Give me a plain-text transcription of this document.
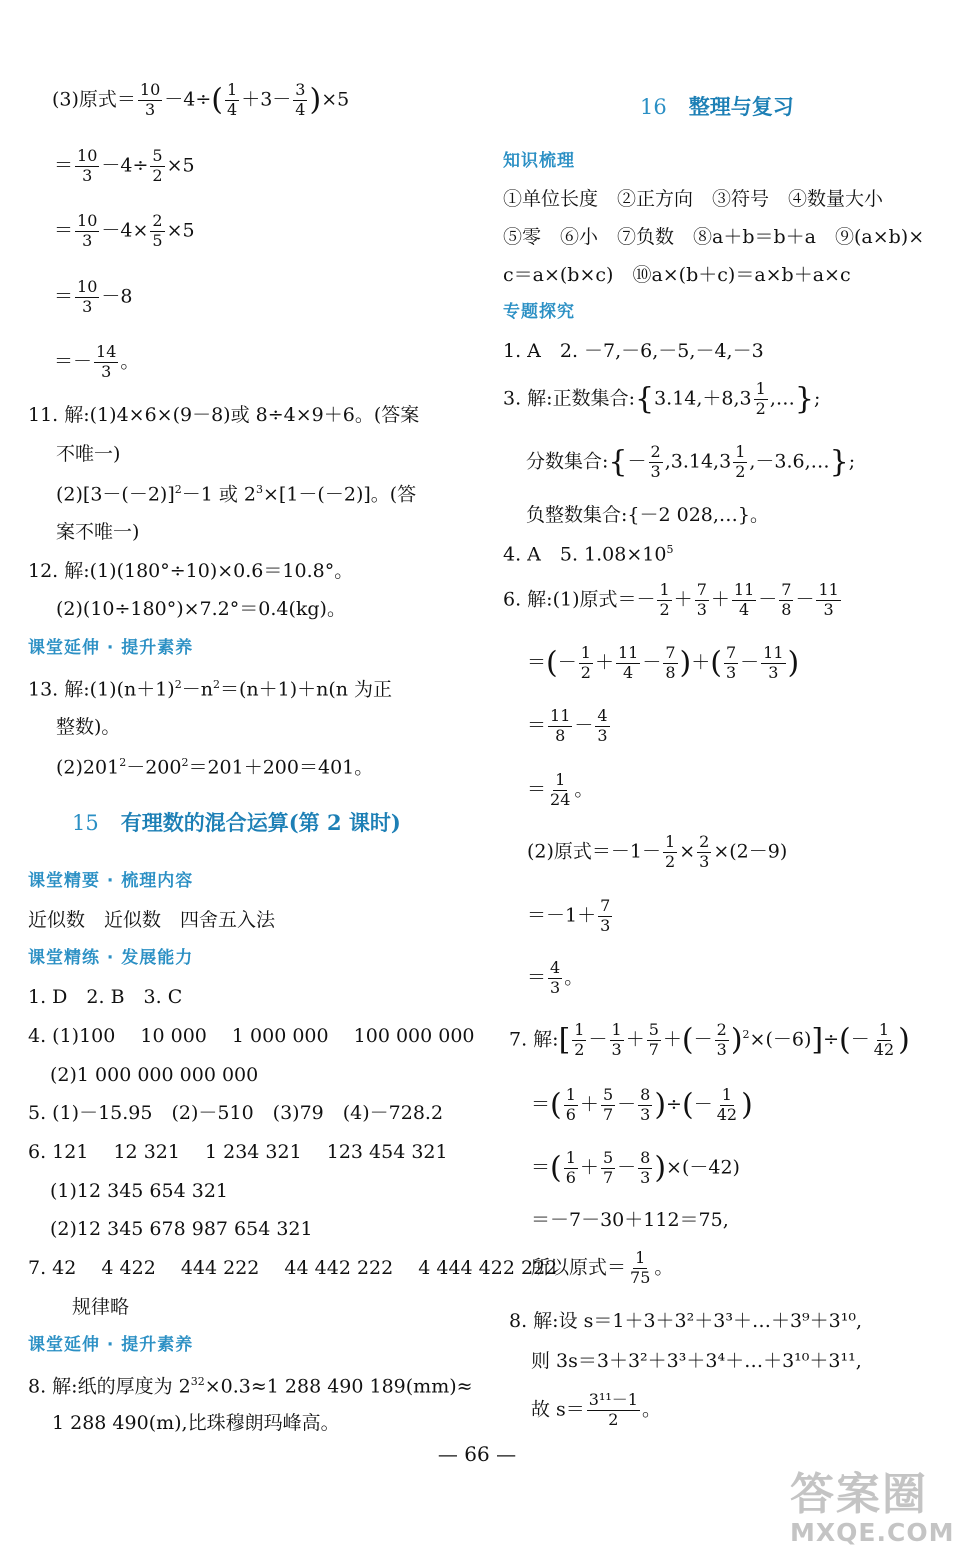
(3)原式＝ $\frac{10}{3} -4\div( \frac{1}{4} +3- \frac{3}{4} )\times 5$
＝ $\frac{10}{3} -4\div \frac{5}{2} \times 5$
＝ $\frac{10}{3} -4\times \frac{2}{5} \times 5$
＝ $\frac{10}{3} -8$
＝－ $\frac{14}{3}$ 。
11. 解:(1)4×6×(9－8)或 8÷4×9＋6。(答案
不唯一)
$(2)[3-(-2)]^2-1$ 或 $2^3\times[1-(-2)]$。(答
案不唯一)
12. 解:(1)(180°÷10)×0.6＝10.8°。
(2)(10÷180°)×7.2°＝0.4(kg)。
课堂延伸 · 提升素养
13. 解$:(1)(n+1)^2-n^2=(n+1)+n(n$ 为正
整数)。
$(2)201^2-200^2=201+200=401$。
15 有理数的混合运算(第 2 课时)
课堂精要 · 梳理内容
近似数　近似数　四舍五入法
课堂精练 · 发展能力
1. D　2. B　3. C
4. (1)100　 10 000　 1 000 000　 100 000 000
(2)1 000 000 000 000
5. (1)－15.95　(2)－510　(3)79　(4)－728.2
6. 121　 12 321　 1 234 321　 123 454 321
(1)12 345 654 321
(2)12 345 678 987 654 321
7. 42　 4 422　 444 222　 44 442 222　 4 444 422 222
规律略
课堂延伸 · 提升素养
8. 解:纸的厚度为 $2^{32}\times 0.3\approx 1$ 288 490 189(mm)≈
1 288 490(m),比珠穆朗玛峰高。
16 整理与复习
知识梳理
①单位长度　②正方向　③符号　④数量大小
⑤零　⑥小　⑦负数　⑧a＋b＝b＋a　⑨(a×b)×
c＝a×(b×c)　⑩a×(b＋c)＝a×b＋a×c
专题探究
1. A　2. －7,－6,－5,－4,－3
3. 解:正数集合:{3.14,＋8,3 $\frac{1}{2}$ ,…};
分数集合:{－ $\frac{2}{3} ,3.14,3 \frac{1}{2}$ ,－3.6,…};
负整数集合:{－2 028,…}。
4. A　5. $1.08\times 10^5$
6. 解:(1)原式＝－ $\frac{1}{2} + \frac{7}{3} + \frac{11}{4} - \frac{7}{8} - \frac{11}{3}$
＝(－ $\frac{1}{2} + \frac{11}{4} - \frac{7}{8}$ )＋( $\frac{7}{3} - \frac{11}{3}$ )
＝ $\frac{11}{8} - \frac{4}{3}$
＝ $\frac{1}{24}$ 。
(2)原式$=-1- \frac{1}{2} \times \frac{2}{3} \times(2-9)$
$=-1+ \frac{7}{3}$
＝ $\frac{4}{3}$ 。
7. 解:[ $\frac{1}{2} - \frac{1}{3} + \frac{5}{7}$ ＋(－ $\frac{2}{3} )^2\times(-6)]\div(- \frac{1}{42}$ )
＝( $\frac{1}{6} + \frac{5}{7} - \frac{8}{3}$ )÷(－ $\frac{1}{42}$ )
＝( $\frac{1}{6} + \frac{5}{7} - \frac{8}{3} )\times(-42)$
＝－7－30＋112＝75,
所以原式＝ $\frac{1}{75}$ 。
8. 解:设 s＝1＋3＋3²＋3³＋…＋3⁹＋3¹⁰,
则 3s＝3＋3²＋3³＋3⁴＋…＋3¹⁰＋3¹¹,
故 $s= \frac{\text{3¹¹－1}}{2}$ 。
— 66 —
答案圈
MXQE.COM
